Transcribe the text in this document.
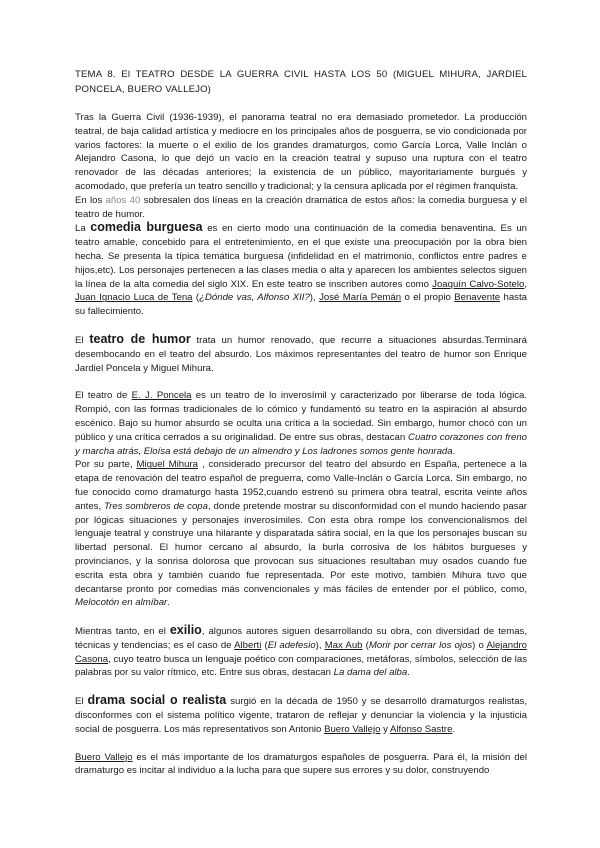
TEMA 8. El TEATRO DESDE LA GUERRA CIVIL HASTA LOS 50 (MIGUEL MIHURA, JARDIEL PONCELA, BUERO VALLEJO)

Tras la Guerra Civil (1936-1939), el panorama teatral no era demasiado prometedor. La producción teatral, de baja calidad artística y mediocre en los principales años de posguerra, se vio condicionada por varios factores: la muerte o el exilio de los grandes dramaturgos, como García Lorca, Valle Inclán o Alejandro Casona, lo que dejó un vacío en la creación teatral y supuso una ruptura con el teatro renovador de las décadas anteriores; la existencia de un público, mayoritariamente burgués y acomodado, que prefería un teatro sencillo y tradicional; y la censura aplicada por el régimen franquista.

En los años 40 sobresalen dos líneas en la creación dramática de estos años: la comedia burguesa y el teatro de humor.

La comedia burguesa es en cierto modo una continuación de la comedia benaventina. Es un teatro amable, concebido para el entretenimiento, en el que existe una preocupación por la obra bien hecha. Se presenta la típica temática burguesa (infidelidad en el matrimonio, conflictos entre padres e hijos,etc). Los personajes pertenecen a las clases media o alta y aparecen los ambientes selectos siguen la línea de la alta comedia del siglo XIX. En este teatro se inscriben autores como Joaquín Calvo-Sotelo, Juan Ignacio Luca de Tena (¿Dónde vas, Alfonso XII?), José María Pemán o el propio Benavente hasta su fallecimiento.

El teatro de humor trata un humor renovado, que recurre a situaciones absurdas.Terminará desembocando en el teatro del absurdo. Los máximos representantes del teatro de humor son Enrique Jardiel Poncela y Miguel Mihura.

El teatro de E. J. Poncela es un teatro de lo inverosímil y caracterizado por liberarse de toda lógica. Rompió, con las formas tradicionales de lo cómico y fundamentó su teatro en la aspiración al absurdo escénico. Bajo su humor absurdo se oculta una crítica a la sociedad. Sin embargo, humor chocó con un público y una crítica cerrados a su originalidad. De entre sus obras, destacan Cuatro corazones con freno y marcha atrás, Eloísa está debajo de un almendro y Los ladrones somos gente honrada.

Por su parte, Miguel Mihura , considerado precursor del teatro del absurdo en España, pertenece a la etapa de renovación del teatro español de preguerra, como Valle-Inclán o García Lorca. Sin embargo, no fue conocido como dramaturgo hasta 1952,cuando estrenó su primera obra teatral, escrita veinte años antes, Tres sombreros de copa, donde pretende mostrar su disconformidad con el mundo haciendo pasar por lógicas situaciones y personajes inverosímiles. Con esta obra rompe los convencionalismos del lenguaje teatral y construye una hilarante y disparatada sátira social, en la que los personajes buscan su libertad personal. El humor cercano al absurdo, la burla corrosiva de los hábitos burgueses y provincianos, y la sonrisa dolorosa que provocan sus situaciones resultaban muy osados cuando fue escrita esta obra y también cuando fue representada. Por este motivo, también Mihura tuvo que decantarse pronto por comedias más convencionales y más fáciles de entender por el público, como, Melocotón en almíbar.

Mientras tanto, en el exilio, algunos autores siguen desarrollando su obra, con diversidad de temas, técnicas y tendencias; es el caso de Alberti (El adefesio), Max Aub (Morir por cerrar los ojos) o Alejandro Casona, cuyo teatro busca un lenguaje poético con comparaciones, metáforas, símbolos, selección de las palabras por su valor rítmico, etc. Entre sus obras, destacan La dama del alba.

El drama social o realista surgió en la década de 1950 y se desarrolló dramaturgos realistas, disconformes con el sistema político vigente, trataron de reflejar y denunciar la violencia y la injusticia social de posguerra. Los más representativos son Antonio Buero Vallejo y Alfonso Sastre.

Buero Vallejo es el más importante de los dramaturgos españoles de posguerra. Para él, la misión del dramaturgo es incitar al individuo a la lucha para que supere sus errores y su dolor, construyendo
